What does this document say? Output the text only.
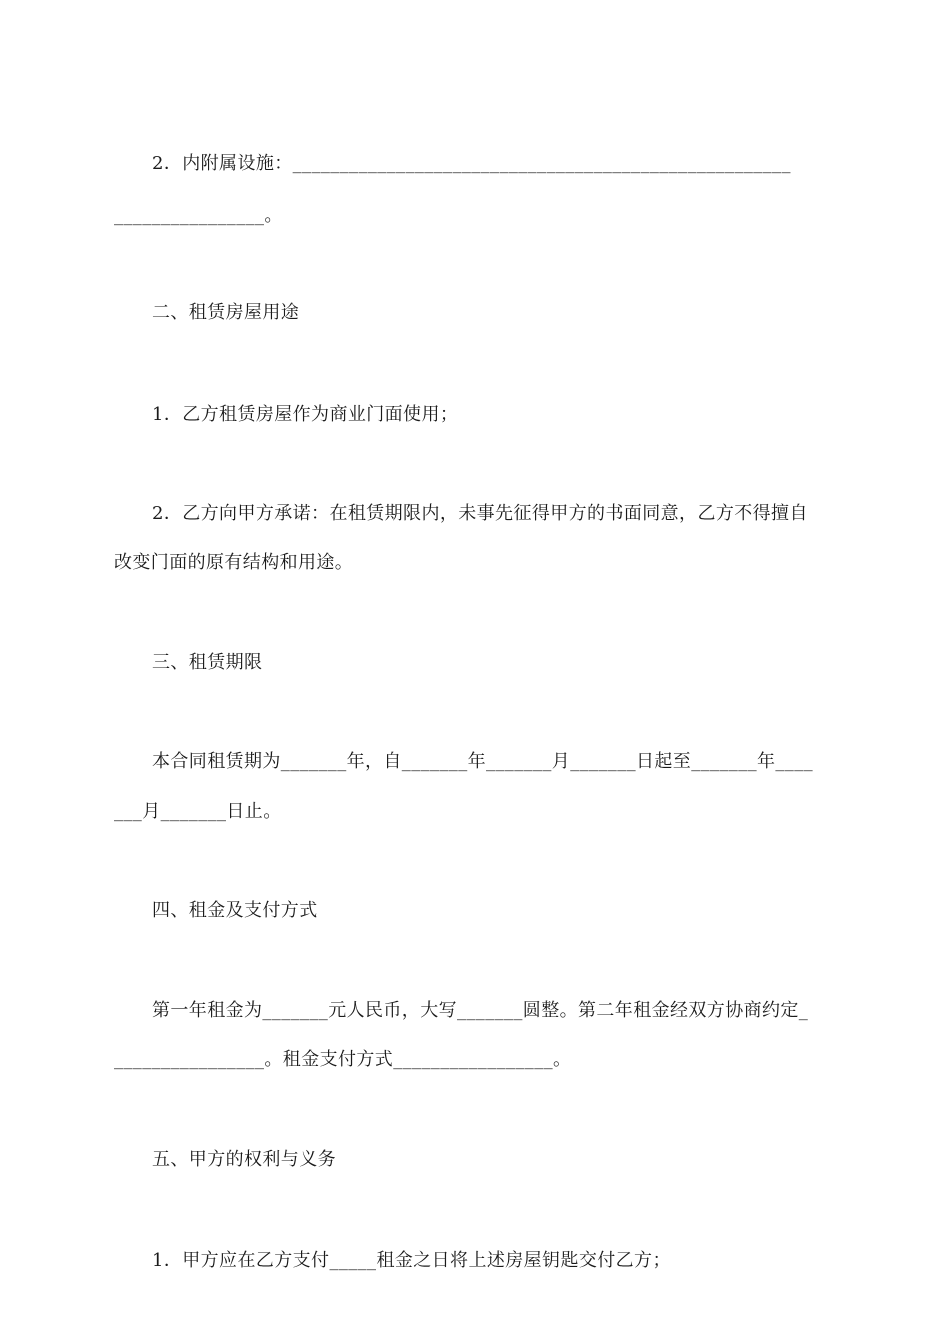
2．内附属设施：_____________________________________________________
________________。
二、租赁房屋用途
1．乙方租赁房屋作为商业门面使用；
2．乙方向甲方承诺：在租赁期限内，未事先征得甲方的书面同意，乙方不得擅自
改变门面的原有结构和用途。
三、租赁期限
本合同租赁期为_______年，自_______年_______月_______日起至_______年____
___月_______日止。
四、租金及支付方式
第一年租金为_______元人民币，大写_______圆整。第二年租金经双方协商约定_
________________。租金支付方式_________________。
五、甲方的权利与义务
1．甲方应在乙方支付_____租金之日将上述房屋钥匙交付乙方；
